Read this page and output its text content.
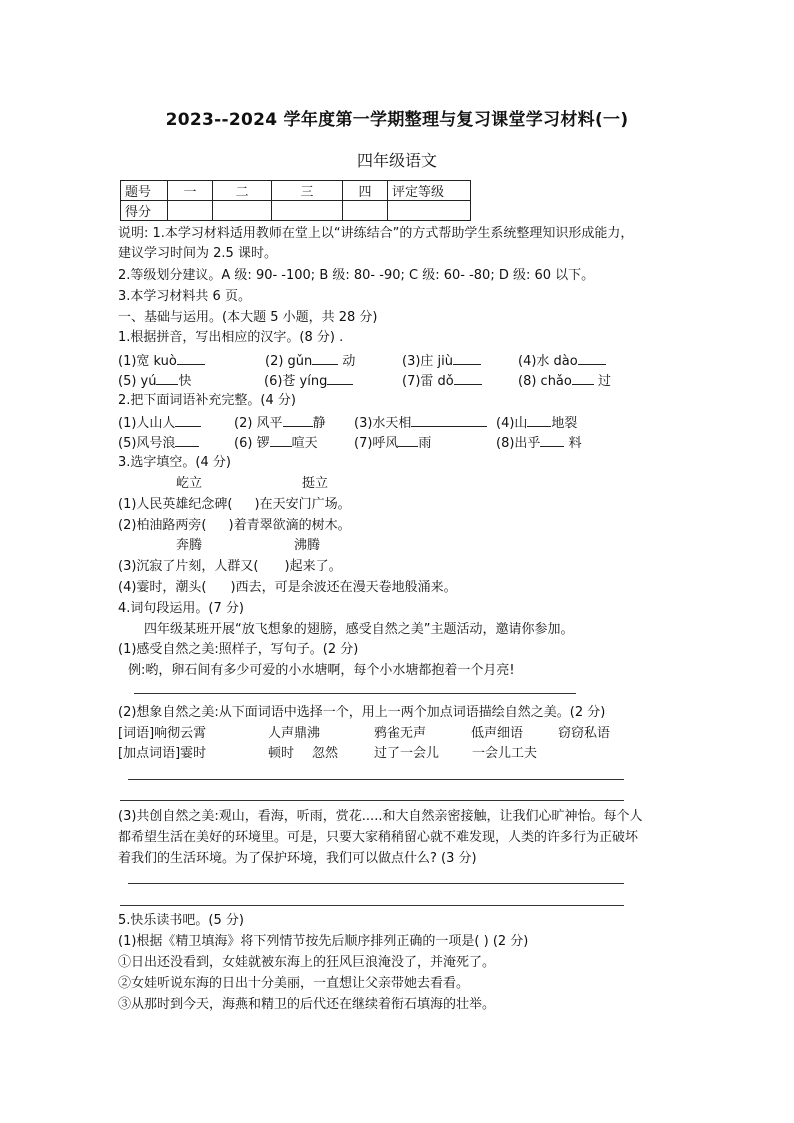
2023--2024 学年度第一学期整理与复习课堂学习材料(一)
四年级语文
题号	一	二	三	四	评定等级
得分					
说明: 1.本学习材料适用教师在堂上以“讲练结合”的方式帮助学生系统整理知识形成能力，
建议学习时间为 2.5 课时。
2.等级划分建议。A 级: 90- -100; B 级: 80- -90; C 级: 60- -80; D 级: 60 以下。
3.本学习材料共 6 页。
一、基础与运用。(本大题 5 小题，共 28 分)
1.根据拼音，写出相应的汉字。(8 分) .
(1)宽 kuò	(2) gǔn 动	(3)庄 jiù	(4)水 dào
(5) yú 快	(6)苍 yíng	(7)雷 dǒ	(8) chǎo 过
2.把下面词语补充完整。(4 分)
(1)人山人	(2) 风平 静 (3)水天相	(4)山 地裂
(5)风号浪	(6) 锣 喧天	(7)呼风 雨	(8)出乎 料
3.选字填空。(4 分)
屹立	挺立
(1)人民英雄纪念碑( )在天安门广场。
(2)柏油路两旁( )着青翠欲滴的树木。
奔腾	沸腾
(3)沉寂了片刻，人群又( )起来了。
(4)霎时，潮头( )西去，可是余波还在漫天卷地般涌来。
4.词句段运用。(7 分)
四年级某班开展“放飞想象的翅膀，感受自然之美”主题活动，邀请你参加。
(1)感受自然之美:照样子，写句子。(2 分)
例:哟，卵石间有多少可爱的小水塘啊，每个小水塘都抱着一个月亮!
(2)想象自然之美:从下面词语中选择一个，用上一两个加点词语描绘自然之美。(2 分)
[词语]响彻云霄	人声鼎沸	鸦雀无声	低声细语	窃窃私语
[加点词语]霎时	顿时 忽然	过了一会儿	一会儿工夫
(3)共创自然之美:观山，看海，听雨，赏花.....和大自然亲密接触，让我们心旷神怡。每个人
都希望生活在美好的环境里。可是，只要大家稍稍留心就不难发现，人类的许多行为正破坏
着我们的生活环境。为了保护环境，我们可以做点什么? (3 分)
5.快乐读书吧。(5 分)
(1)根据《精卫填海》将下列情节按先后顺序排列正确的一项是( ) (2 分)
①日出还没看到，女娃就被东海上的狂风巨浪淹没了，并淹死了。
②女娃听说东海的日出十分美丽，一直想让父亲带她去看看。
③从那时到今天，海燕和精卫的后代还在继续着衔石填海的壮举。
